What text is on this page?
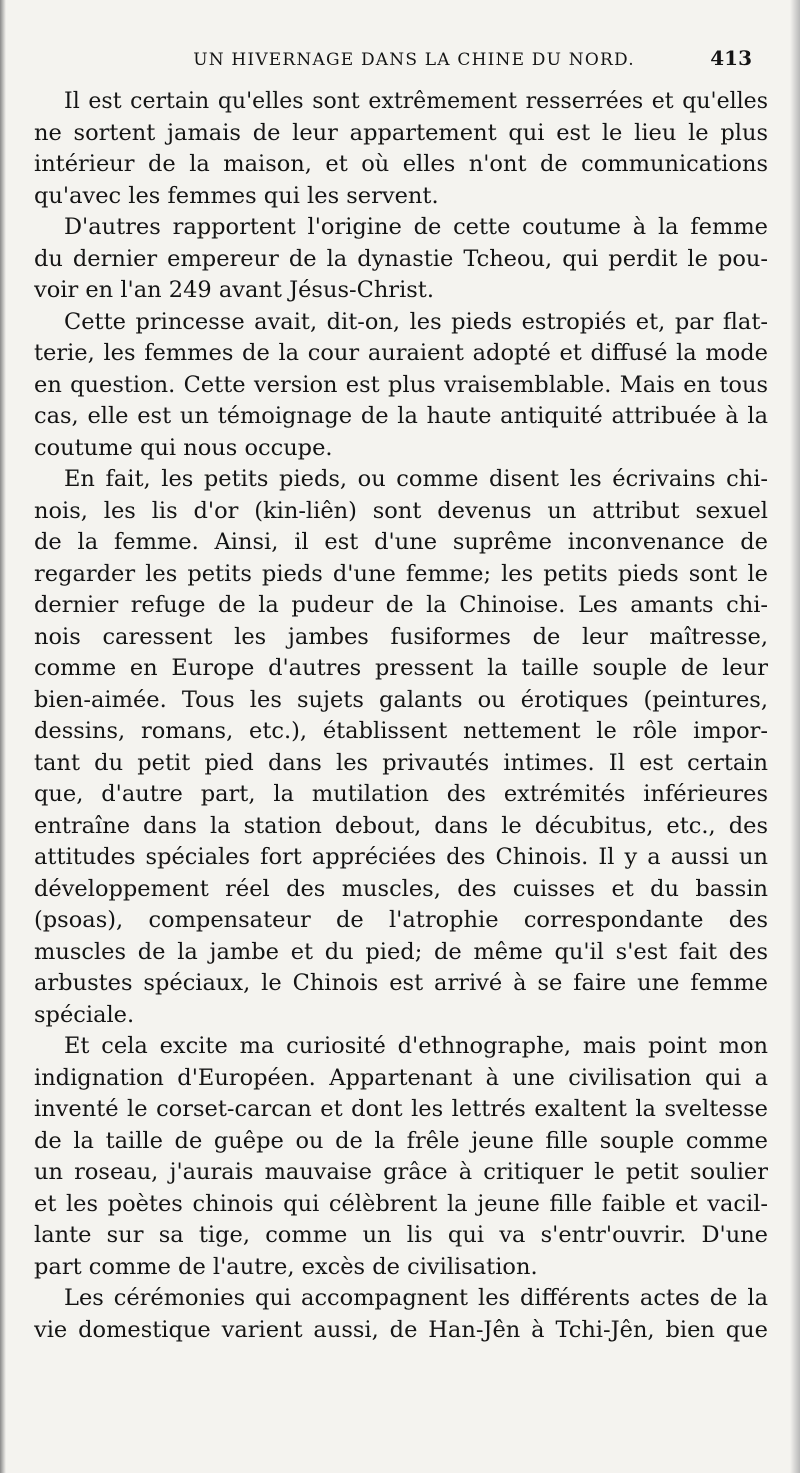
UN HIVERNAGE DANS LA CHINE DU NORD.	413
Il est certain qu'elles sont extrêmement resserrées et qu'elles
ne sortent jamais de leur appartement qui est le lieu le plus
intérieur de la maison, et où elles n'ont de communications
qu'avec les femmes qui les servent.
D'autres rapportent l'origine de cette coutume à la femme
du dernier empereur de la dynastie Tcheou, qui perdit le pou-
voir en l'an 249 avant Jésus-Christ.
Cette princesse avait, dit-on, les pieds estropiés et, par flat-
terie, les femmes de la cour auraient adopté et diffusé la mode
en question. Cette version est plus vraisemblable. Mais en tous
cas, elle est un témoignage de la haute antiquité attribuée à la
coutume qui nous occupe.
En fait, les petits pieds, ou comme disent les écrivains chi-
nois, les lis d'or (kin-liên) sont devenus un attribut sexuel
de la femme. Ainsi, il est d'une suprême inconvenance de
regarder les petits pieds d'une femme; les petits pieds sont le
dernier refuge de la pudeur de la Chinoise. Les amants chi-
nois caressent les jambes fusiformes de leur maîtresse,
comme en Europe d'autres pressent la taille souple de leur
bien-aimée. Tous les sujets galants ou érotiques (peintures,
dessins, romans, etc.), établissent nettement le rôle impor-
tant du petit pied dans les privautés intimes. Il est certain
que, d'autre part, la mutilation des extrémités inférieures
entraîne dans la station debout, dans le décubitus, etc., des
attitudes spéciales fort appréciées des Chinois. Il y a aussi un
développement réel des muscles, des cuisses et du bassin
(psoas), compensateur de l'atrophie correspondante des
muscles de la jambe et du pied; de même qu'il s'est fait des
arbustes spéciaux, le Chinois est arrivé à se faire une femme
spéciale.
Et cela excite ma curiosité d'ethnographe, mais point mon
indignation d'Européen. Appartenant à une civilisation qui a
inventé le corset-carcan et dont les lettrés exaltent la sveltesse
de la taille de guêpe ou de la frêle jeune fille souple comme
un roseau, j'aurais mauvaise grâce à critiquer le petit soulier
et les poètes chinois qui célèbrent la jeune fille faible et vacil-
lante sur sa tige, comme un lis qui va s'entr'ouvrir. D'une
part comme de l'autre, excès de civilisation.
Les cérémonies qui accompagnent les différents actes de la
vie domestique varient aussi, de Han-Jên à Tchi-Jên, bien que
